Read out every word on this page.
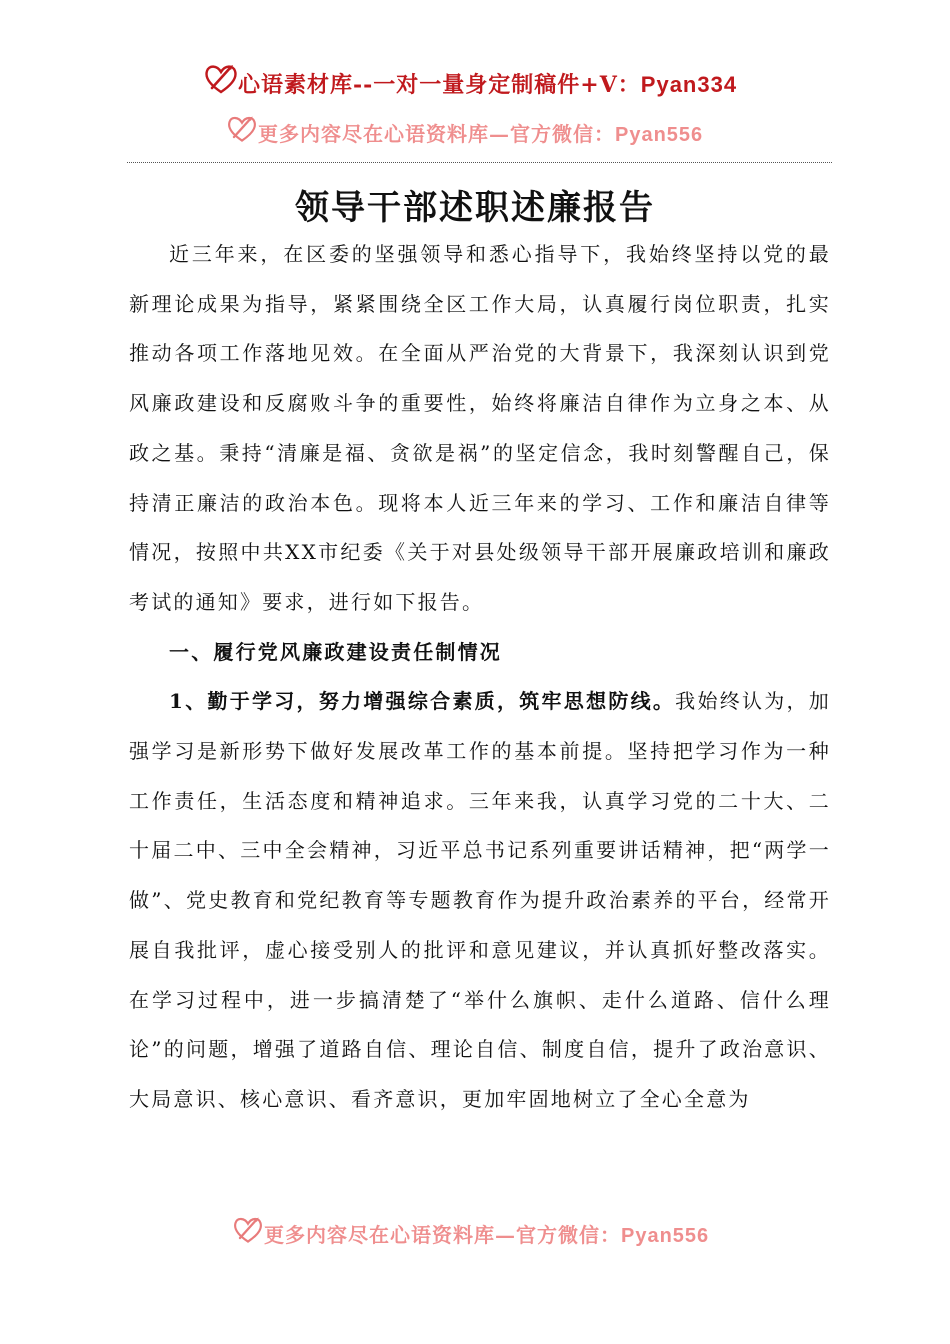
心语素材库--一对一量身定制稿件+V：Pyan334
更多内容尽在心语资料库—官方微信：Pyan556
领导干部述职述廉报告

近三年来，在区委的坚强领导和悉心指导下，我始终坚持以党的最新理论成果为指导，紧紧围绕全区工作大局，认真履行岗位职责，扎实推动各项工作落地见效。在全面从严治党的大背景下，我深刻认识到党风廉政建设和反腐败斗争的重要性，始终将廉洁自律作为立身之本、从政之基。秉持“清廉是福、贪欲是祸”的坚定信念，我时刻警醒自己，保持清正廉洁的政治本色。现将本人近三年来的学习、工作和廉洁自律等情况，按照中共XX市纪委《关于对县处级领导干部开展廉政培训和廉政考试的通知》要求，进行如下报告。

一、履行党风廉政建设责任制情况

1、勤于学习，努力增强综合素质，筑牢思想防线。我始终认为，加强学习是新形势下做好发展改革工作的基本前提。坚持把学习作为一种工作责任，生活态度和精神追求。三年来我，认真学习党的二十大、二十届二中、三中全会精神，习近平总书记系列重要讲话精神，把“两学一做”、党史教育和党纪教育等专题教育作为提升政治素养的平台，经常开展自我批评，虚心接受别人的批评和意见建议，并认真抓好整改落实。在学习过程中，进一步搞清楚了“举什么旗帜、走什么道路、信什么理论”的问题，增强了道路自信、理论自信、制度自信，提升了政治意识、大局意识、核心意识、看齐意识，更加牢固地树立了全心全意为

更多内容尽在心语资料库—官方微信：Pyan556
